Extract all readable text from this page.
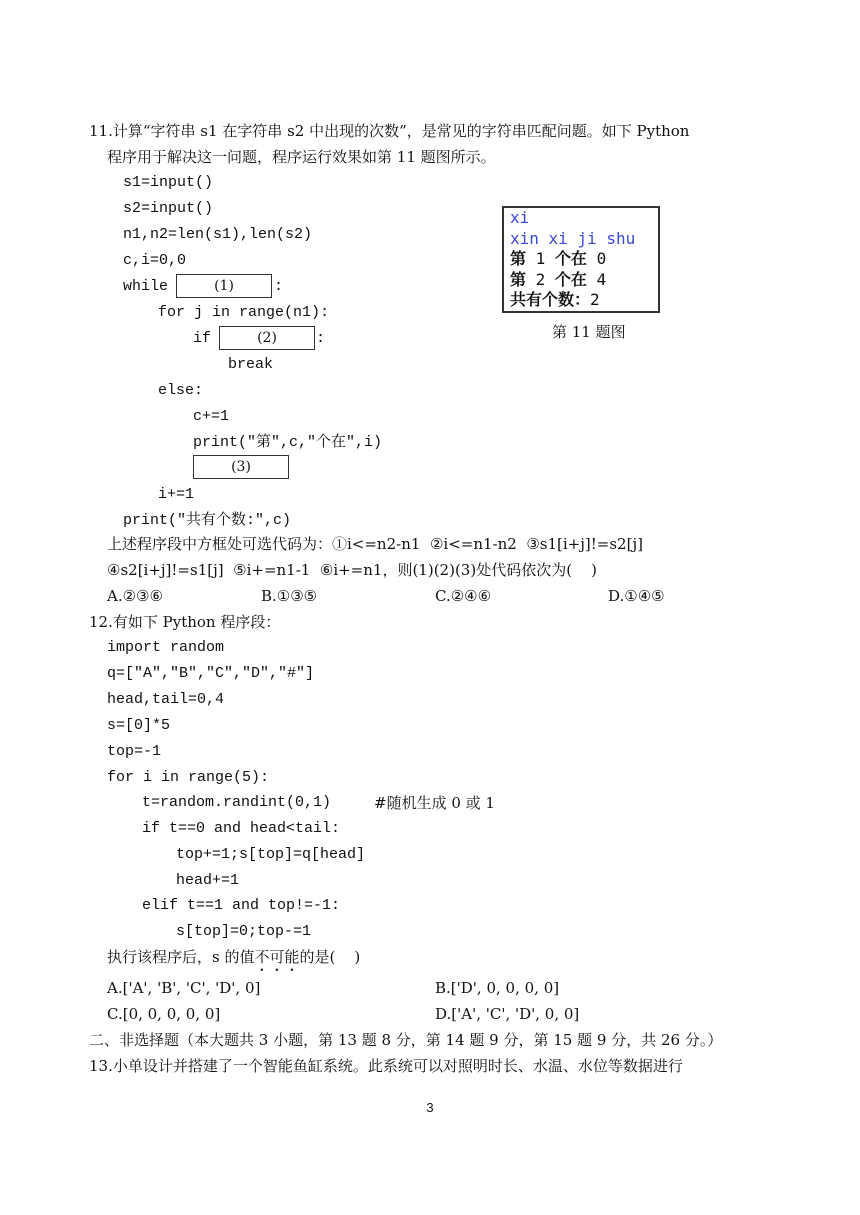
11.计算“字符串 s1 在字符串 s2 中出现的次数”，是常见的字符串匹配问题。如下 Python
程序用于解决这一问题，程序运行效果如第 11 题图所示。
s1=input()
s2=input()
n1,n2=len(s1),len(s2)
c,i=0,0
while	(1)	:
for j in range(n1):
if	(2)	:
break
else:
c+=1
print("第",c,"个在",i)
(3)
i+=1
print("共有个数:",c)
xi
xin xi ji shu
第 1 个在 0
第 2 个在 4
共有个数：2
第 11 题图
上述程序段中方框处可选代码为：①i<=n2-n1  ②i<=n1-n2  ③s1[i+j]!=s2[j]
④s2[i+j]!=s1[j]  ⑤i+=n1-1  ⑥i+=n1，则(1)(2)(3)处代码依次为(    )
A.②③⑥	B.①③⑤	C.②④⑥	D.①④⑤
12.有如下 Python 程序段：
import random
q=["A","B","C","D","#"]
head,tail=0,4
s=[0]*5
top=-1
for i in range(5):
t=random.randint(0,1)	#随机生成 0 或 1
if t==0 and head<tail:
top+=1;s[top]=q[head]
head+=1
elif t==1 and top!=-1:
s[top]=0;top-=1
执行该程序后，s 的值不可能的是(    )
A.['A', 'B', 'C', 'D', 0]	B.['D', 0, 0, 0, 0]
C.[0, 0, 0, 0, 0]	D.['A', 'C', 'D', 0, 0]
二、非选择题（本大题共 3 小题，第 13 题 8 分，第 14 题 9 分，第 15 题 9 分，共 26 分。）
13.小单设计并搭建了一个智能鱼缸系统。此系统可以对照明时长、水温、水位等数据进行
3
